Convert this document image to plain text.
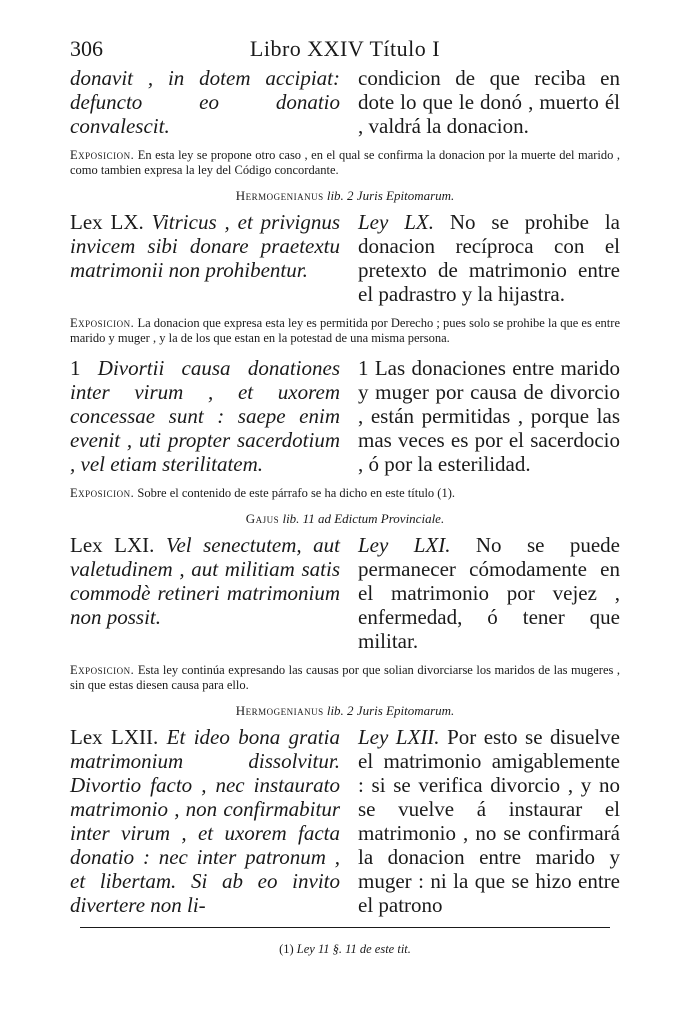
306	Libro XXIV Título I
donavit , in dotem accipiat: defuncto eo donatio convalescit.
condicion de que reciba en dote lo que le donó , muerto él , valdrá la donacion.
Exposicion. En esta ley se propone otro caso , en el qual se confirma la donacion por la muerte del marido , como tambien expresa la ley del Código concordante.
Hermogenianus lib. 2 Juris Epitomarum.
Lex LX. Vitricus , et privignus invicem sibi donare praetextu matrimonii non prohibentur.
Ley LX. No se prohibe la donacion recíproca con el pretexto de matrimonio entre el padrastro y la hijastra.
Exposicion. La donacion que expresa esta ley es permitida por Derecho ; pues solo se prohibe la que es entre marido y muger , y la de los que estan en la potestad de una misma persona.
1 Divortii causa donationes inter virum , et uxorem concessae sunt : saepe enim evenit , uti propter sacerdotium , vel etiam sterilitatem.
1 Las donaciones entre marido y muger por causa de divorcio , están permitidas , porque las mas veces es por el sacerdocio , ó por la esterilidad.
Exposicion. Sobre el contenido de este párrafo se ha dicho en este título (1).
Gajus lib. 11 ad Edictum Provinciale.
Lex LXI. Vel senectutem, aut valetudinem , aut militiam satis commodè retineri matrimonium non possit.
Ley LXI. No se puede permanecer cómodamente en el matrimonio por vejez , enfermedad, ó tener que militar.
Exposicion. Esta ley continúa expresando las causas por que solian divorciarse los maridos de las mugeres , sin que estas diesen causa para ello.
Hermogenianus lib. 2 Juris Epitomarum.
Lex LXII. Et ideo bona gratia matrimonium dissolvitur. Divortio facto , nec instaurato matrimonio , non confirmabitur inter virum , et uxorem facta donatio : nec inter patronum , et libertam. Si ab eo invito divertere non li-
Ley LXII. Por esto se disuelve el matrimonio amigablemente : si se verifica divorcio , y no se vuelve á instaurar el matrimonio , no se confirmará la donacion entre marido y muger : ni la que se hizo entre el patrono
(1) Ley 11 §. 11 de este tit.
